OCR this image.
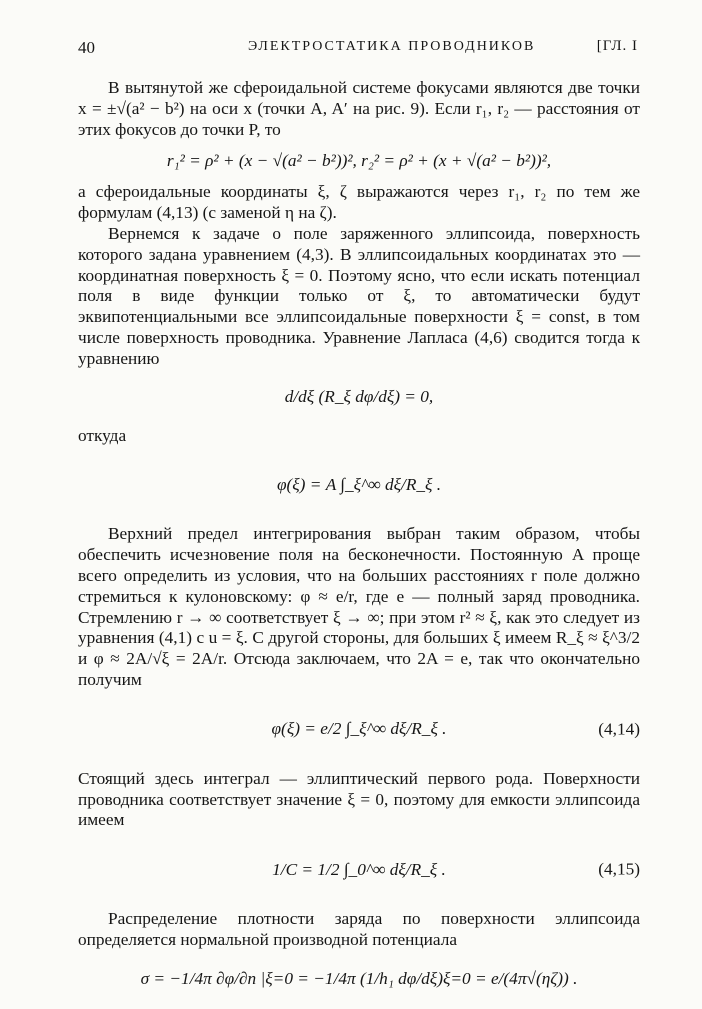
40	ЭЛЕКТРОСТАТИКА ПРОВОДНИКОВ	[ГЛ. I

В вытянутой же сфероидальной системе фокусами являются две точки x = ±√(a² − b²) на оси x (точки A, A′ на рис. 9). Если r₁, r₂ — расстояния от этих фокусов до точки P, то

r₁² = ρ² + (x − √(a² − b²))², r₂² = ρ² + (x + √(a² − b²))²,

а сфероидальные координаты ξ, ζ выражаются через r₁, r₂ по тем же формулам (4,13) (с заменой η на ζ).

Вернемся к задаче о поле заряженного эллипсоида, поверхность которого задана уравнением (4,3). В эллипсоидальных координатах это — координатная поверхность ξ = 0. Поэтому ясно, что если искать потенциал поля в виде функции только от ξ, то автоматически будут эквипотенциальными все эллипсоидальные поверхности ξ = const, в том числе поверхность проводника. Уравнение Лапласа (4,6) сводится тогда к уравнению

d/dξ (R_ξ dφ/dξ) = 0,

откуда

φ(ξ) = A ∫_ξ^∞ dξ/R_ξ .

Верхний предел интегрирования выбран таким образом, чтобы обеспечить исчезновение поля на бесконечности. Постоянную A проще всего определить из условия, что на больших расстояниях r поле должно стремиться к кулоновскому: φ ≈ e/r, где e — полный заряд проводника. Стремлению r → ∞ соответствует ξ → ∞; при этом r² ≈ ξ, как это следует из уравнения (4,1) с u = ξ. С другой стороны, для больших ξ имеем R_ξ ≈ ξ^3/2 и φ ≈ 2A/√ξ = 2A/r. Отсюда заключаем, что 2A = e, так что окончательно получим

φ(ξ) = e/2 ∫_ξ^∞ dξ/R_ξ .	(4,14)

Стоящий здесь интеграл — эллиптический первого рода. Поверхности проводника соответствует значение ξ = 0, поэтому для емкости эллипсоида имеем

1/C = 1/2 ∫_0^∞ dξ/R_ξ .	(4,15)

Распределение плотности заряда по поверхности эллипсоида определяется нормальной производной потенциала

σ = −1/4π ∂φ/∂n |ξ=0 = −1/4π (1/h₁ dφ/dξ)ξ=0 = e/(4π√(ηζ)) .
